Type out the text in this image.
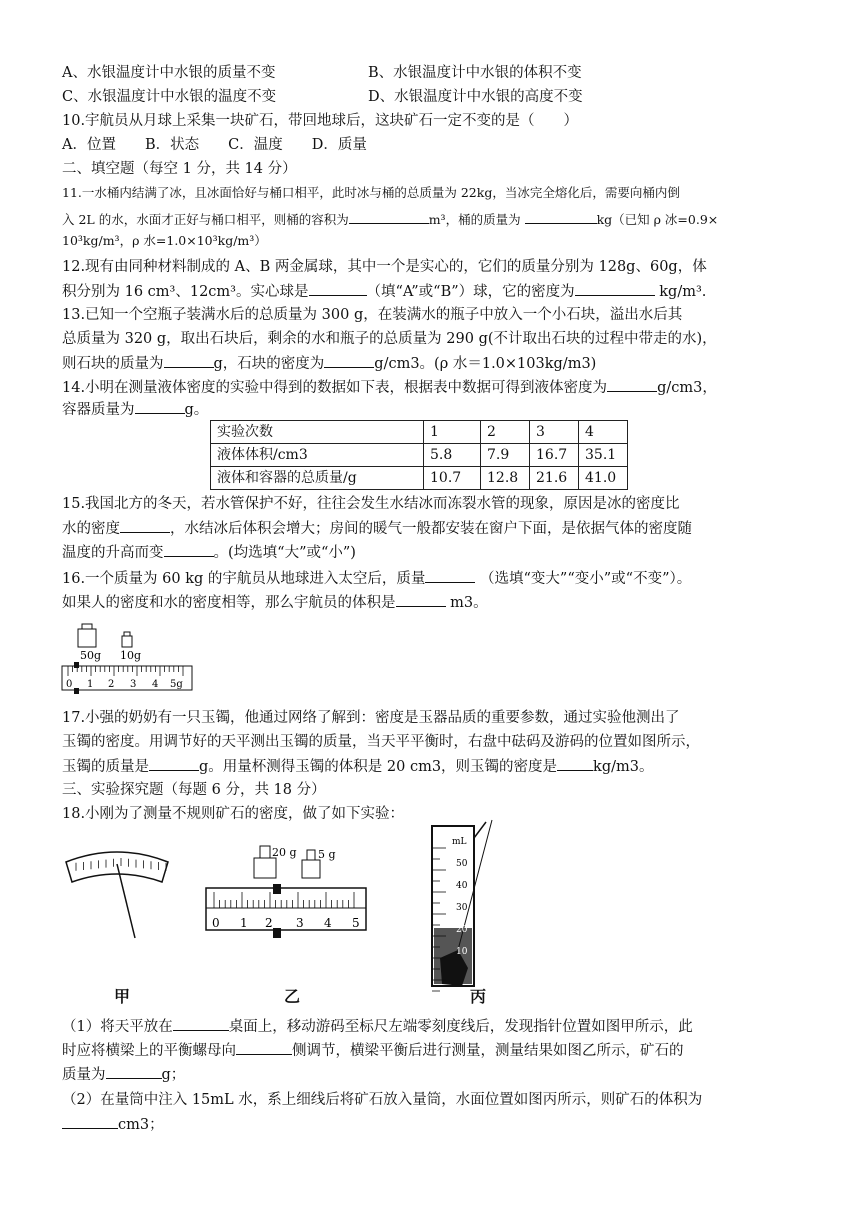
A、水银温度计中水银的质量不变	B、水银温度计中水银的体积不变
C、水银温度计中水银的温度不变	D、水银温度计中水银的高度不变
10.宇航员从月球上采集一块矿石，带回地球后，这块矿石一定不变的是（　　）
A．位置　　B．状态　　C．温度　　D．质量
二、填空题（每空 1 分，共 14 分）
11.一水桶内结满了冰，且冰面恰好与桶口相平，此时冰与桶的总质量为 22kg，当冰完全熔化后，需要向桶内倒
入 2L 的水，水面才正好与桶口相平，则桶的容积为	m³，桶的质量为	kg（已知 ρ 冰=0.9×
10³kg/m³，ρ 水=1.0×10³kg/m³）
12.现有由同种材料制成的 A、B 两金属球，其中一个是实心的，它们的质量分别为 128g、60g，体
积分别为 16 cm³、12cm³。实心球是	（填“A”或“B”）球，它的密度为	kg/m³.
13.已知一个空瓶子装满水后的总质量为 300 g，在装满水的瓶子中放入一个小石块，溢出水后其
总质量为 320 g，取出石块后，剩余的水和瓶子的总质量为 290 g(不计取出石块的过程中带走的水)，
则石块的质量为	g，石块的密度为	g/cm3。(ρ 水＝1.0×103kg/m3)
14.小明在测量液体密度的实验中得到的数据如下表，根据表中数据可得到液体密度为	g/cm3，
容器质量为	g。
实验次数	1	2	3	4
液体体积/cm3	5.8	7.9	16.7	35.1
液体和容器的总质量/g	10.7	12.8	21.6	41.0
15.我国北方的冬天，若水管保护不好，往往会发生水结冰而冻裂水管的现象，原因是冰的密度比
水的密度	，水结冰后体积会增大；房间的暖气一般都安装在窗户下面，是依据气体的密度随
温度的升高而变	。(均选填“大”或“小”)
16.一个质量为 60 kg 的宇航员从地球进入太空后，质量	（选填“变大”“变小”或“不变”）。
如果人的密度和水的密度相等，那么宇航员的体积是	m3。
50g 10g
0 1 2 3 4 5g
17.小强的奶奶有一只玉镯，他通过网络了解到：密度是玉器品质的重要参数，通过实验他测出了
玉镯的密度。用调节好的天平测出玉镯的质量，当天平平衡时，右盘中砝码及游码的位置如图所示，
玉镯的质量是	g。用量杯测得玉镯的体积是 20 cm3，则玉镯的密度是 kg/m3。
三、实验探究题（每题 6 分，共 18 分）
18.小刚为了测量不规则矿石的密度，做了如下实验：
20 g 5 g
0 1 2 3 4 5
mL
50
40
30
20
10
甲	乙	丙
（1）将天平放在	桌面上，移动游码至标尺左端零刻度线后，发现指针位置如图甲所示，此
时应将横梁上的平衡螺母向	侧调节，横梁平衡后进行测量，测量结果如图乙所示，矿石的
质量为	g；
（2）在量筒中注入 15mL 水，系上细线后将矿石放入量筒，水面位置如图丙所示，则矿石的体积为
cm3；
